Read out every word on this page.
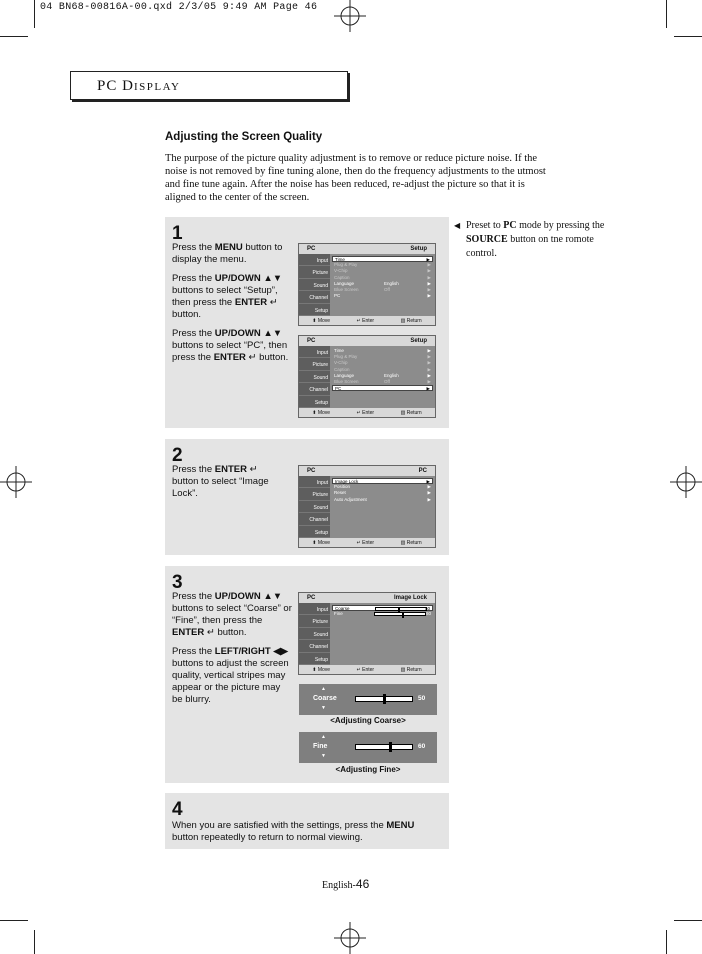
04 BN68-00816A-00.qxd 2/3/05 9:49 AM Page 46
PC DISPLAY
Adjusting the Screen Quality
The purpose of the picture quality adjustment is to remove or reduce picture noise. If the noise is not removed by fine tuning alone, then do the frequency adjustments to the utmost and fine tune again. After the noise has been reduced, re-adjust the picture so that it is aligned to the center of the screen.
1

Press the MENU button to display the menu.

Press the UP/DOWN ▲▼ buttons to select “Setup”, then press the ENTER ↵ button.

Press the UP/DOWN ▲▼ buttons to select “PC”, then press the ENTER ↵ button.

2

Press the ENTER ↵ button to select “Image Lock”.

3

Press the UP/DOWN ▲▼ buttons to select “Coarse” or “Fine”, then press the ENTER ↵ button.

Press the LEFT/RIGHT ◀▶ buttons to adjust the screen quality, vertical stripes may appear or the picture may be blurry.

4
When you are satisfied with the settings, press the MENU button repeatedly to return to normal viewing.
PC	Setup
Input
Picture
Sound
Channel
Setup
Time	▶
Plug & Play	▶
V-Chip	▶
Caption	▶
Language	English	▶
Blue Screen	Off	▶
PC	▶
⬍ Move	↵ Enter	▥ Return
PC	Setup
Input
Picture
Sound
Channel
Setup
Time	▶
Plug & Play	▶
V-Chip	▶
Caption	▶
Language	English	▶
Blue Screen	Off	▶
PC	▶
⬍ Move	↵ Enter	▥ Return
PC	PC
Input
Picture
Sound
Channel
Setup
Image Lock	▶
Position	▶
Reset	▶
Auto Adjustment	▶
⬍ Move	↵ Enter	▥ Return
PC	Image Lock
Input
Picture
Sound
Channel
Setup
Coarse	50
Fine	60
⬍ Move	↵ Enter	▥ Return
▲
Coarse
▼
50
<Adjusting Coarse>
▲
Fine
▼
60
<Adjusting Fine>
◀ Preset to PC mode by pressing the SOURCE button on tne romote control.
English-46
